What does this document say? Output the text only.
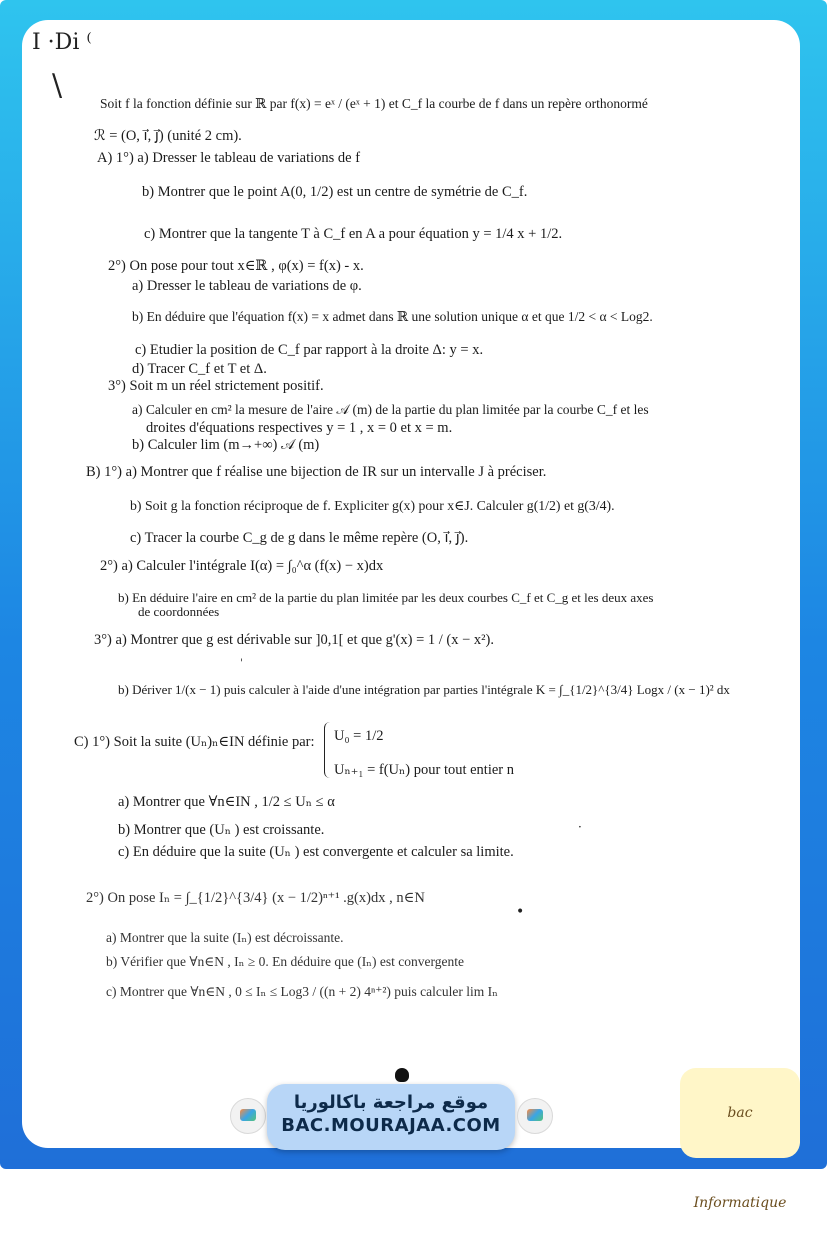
I ·Di ⁽
\
Soit f la fonction définie sur ℝ par f(x) = eˣ / (eˣ + 1) et C_f la courbe de f dans un repère orthonormé
ℛ = (O, i⃗, j⃗) (unité 2 cm).
A) 1°) a) Dresser le tableau de variations de f
b) Montrer que le point A(0, 1/2) est un centre de symétrie de C_f.
c) Montrer que la tangente T à C_f en A a pour équation y = 1/4 x + 1/2.
2°) On pose pour tout x∈ℝ , φ(x) = f(x) - x.
a) Dresser le tableau de variations de φ.
b) En déduire que l'équation f(x) = x admet dans ℝ une solution unique α et que 1/2 < α < Log2.
c) Etudier la position de C_f par rapport à la droite Δ: y = x.
d) Tracer C_f et T et Δ.
3°) Soit m un réel strictement positif.
a) Calculer en cm² la mesure de l'aire 𝒜 (m) de la partie du plan limitée par la courbe C_f et les
droites d'équations respectives y = 1 , x = 0 et x = m.
b) Calculer lim (m→+∞) 𝒜 (m)
B) 1°) a) Montrer que f réalise une bijection de IR sur un intervalle J à préciser.
b) Soit g la fonction réciproque de f. Expliciter g(x) pour x∈J. Calculer g(1/2) et g(3/4).
c) Tracer la courbe C_g de g dans le même repère (O, i⃗, j⃗).
2°) a) Calculer l'intégrale I(α) = ∫₀^α (f(x) − x)dx
b) En déduire l'aire en cm² de la partie du plan limitée par les deux courbes C_f et C_g et les deux axes
de coordonnées
3°) a) Montrer que g est dérivable sur ]0,1[ et que g'(x) = 1 / (x − x²).
b) Dériver 1/(x − 1) puis calculer à l'aide d'une intégration par parties l'intégrale K = ∫_{1/2}^{3/4} Logx / (x − 1)² dx
C) 1°) Soit la suite (Uₙ)ₙ∈IN définie par: U₀ = 1/2
Uₙ₊₁ = f(Uₙ) pour tout entier n
a) Montrer que ∀n∈IN , 1/2 ≤ Uₙ ≤ α
b) Montrer que (Uₙ ) est croissante.
c) En déduire que la suite (Uₙ ) est convergente et calculer sa limite.
2°) On pose Iₙ = ∫_{1/2}^{3/4} (x − 1/2)ⁿ⁺¹ .g(x)dx , n∈N
a) Montrer que la suite (Iₙ) est décroissante.
b) Vérifier que ∀n∈N , Iₙ ≥ 0. En déduire que (Iₙ) est convergente
c) Montrer que ∀n∈N , 0 ≤ Iₙ ≤ Log3 / ((n + 2) 4ⁿ⁺²) puis calculer lim Iₙ
'
·
•
موقع مراجعة باكالوريا
BAC.MOURAJAA.COM
bac Informatique
